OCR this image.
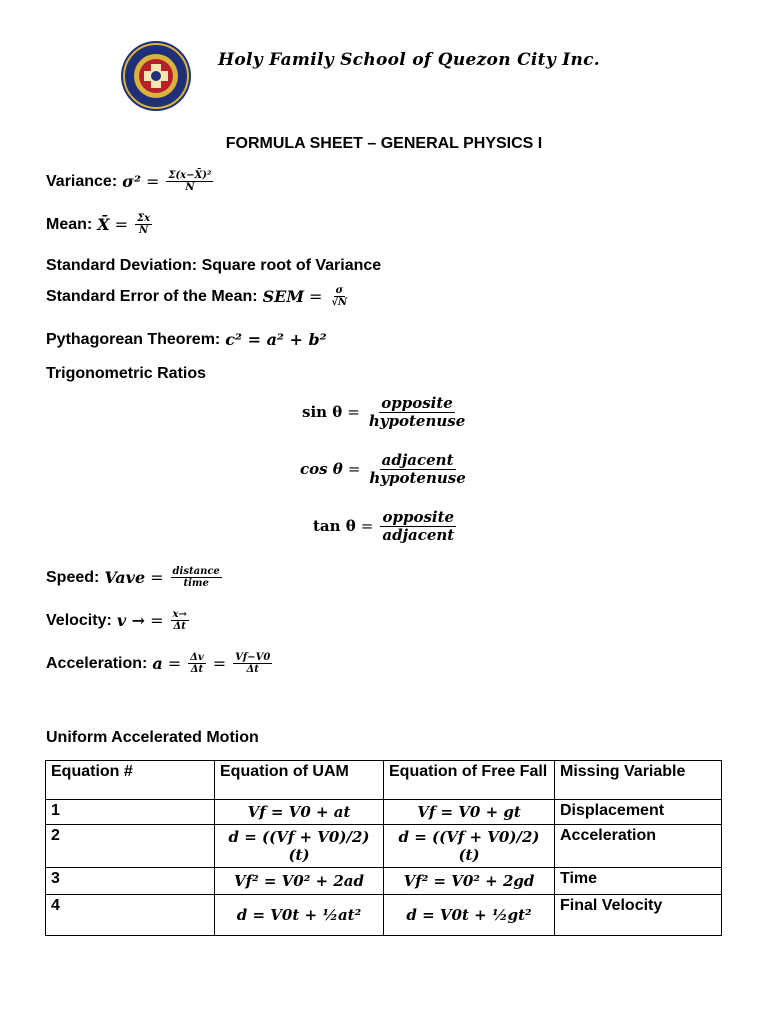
Holy Family School of Quezon City Inc.
FORMULA SHEET – GENERAL PHYSICS I
Variance: $\sigma^2 = \frac{\text{Σ(x−X̄)²}}{N}$
Mean: X̄ = $\frac{\Sigma x}{N}$
Standard Deviation: Square root of Variance
Standard Error of the Mean: SEM = $\frac{\sigma}{√N}$
Pythagorean Theorem: c² = a² + b²
Trigonometric Ratios
$\sin \theta = \frac{\text{opposite}}{\text{hypotenuse}}$
$\cos \theta = \frac{\text{adjacent}}{\text{hypotenuse}}$
$\tan \theta = \frac{\text{opposite}}{\text{adjacent}}$
Speed: Vave = $\frac{\text{distance}}{\text{time}}$
Velocity: v → = $\frac{x\to}{\Delta t}$
Acceleration: $a = \frac{\Delta v}{\Delta t} = \frac{Vf-V0}{\Delta t}$
Uniform Accelerated Motion
Equation #	Equation of UAM	Equation of Free Fall	Missing Variable
1	Vf = V0 + at	Vf = V0 + gt	Displacement
2	d = ((Vf + V0)/2)(t)	d = ((Vf + V0)/2)(t)	Acceleration
3	Vf² = V0² + 2ad	Vf² = V0² + 2gd	Time
4	d = V0t + ½at²	d = V0t + ½gt²	Final Velocity
